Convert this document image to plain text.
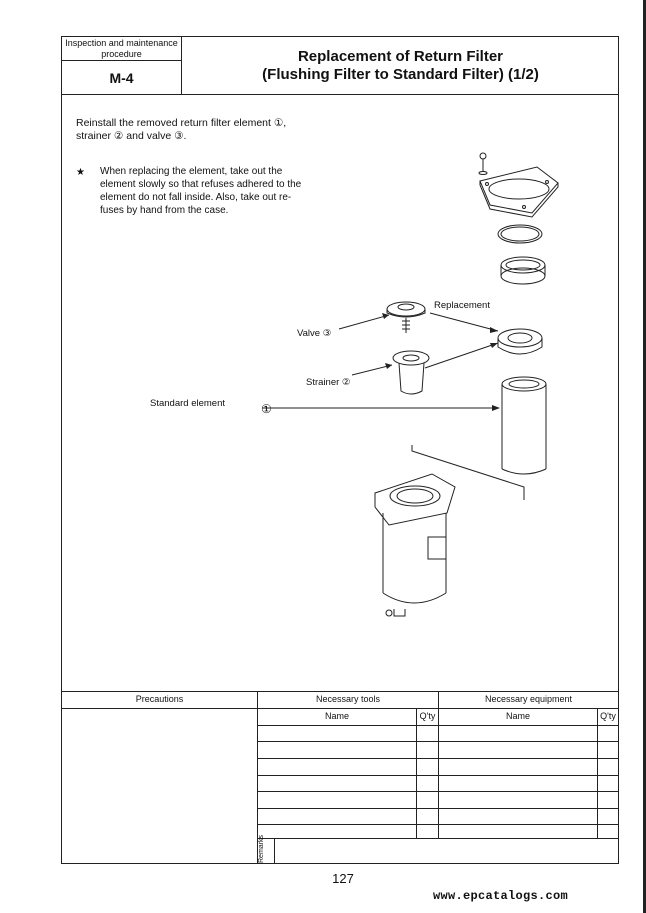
Inspection and maintenance procedure
M-4
Replacement of Return Filter
(Flushing Filter to Standard Filter) (1/2)
Reinstall the removed return filter element ①,
strainer ② and valve ③.
★ When replacing the element, take out the
element slowly so that refuses adhered to the
element do not fall inside. Also, take out re-
fuses by hand from the case.
Replacement
Valve ③
Strainer ②
Standard element	①
Precautions	Necessary tools	Necessary equipment
Name	Q'ty	Name	Q'ty
Remarks
127
www.epcatalogs.com
